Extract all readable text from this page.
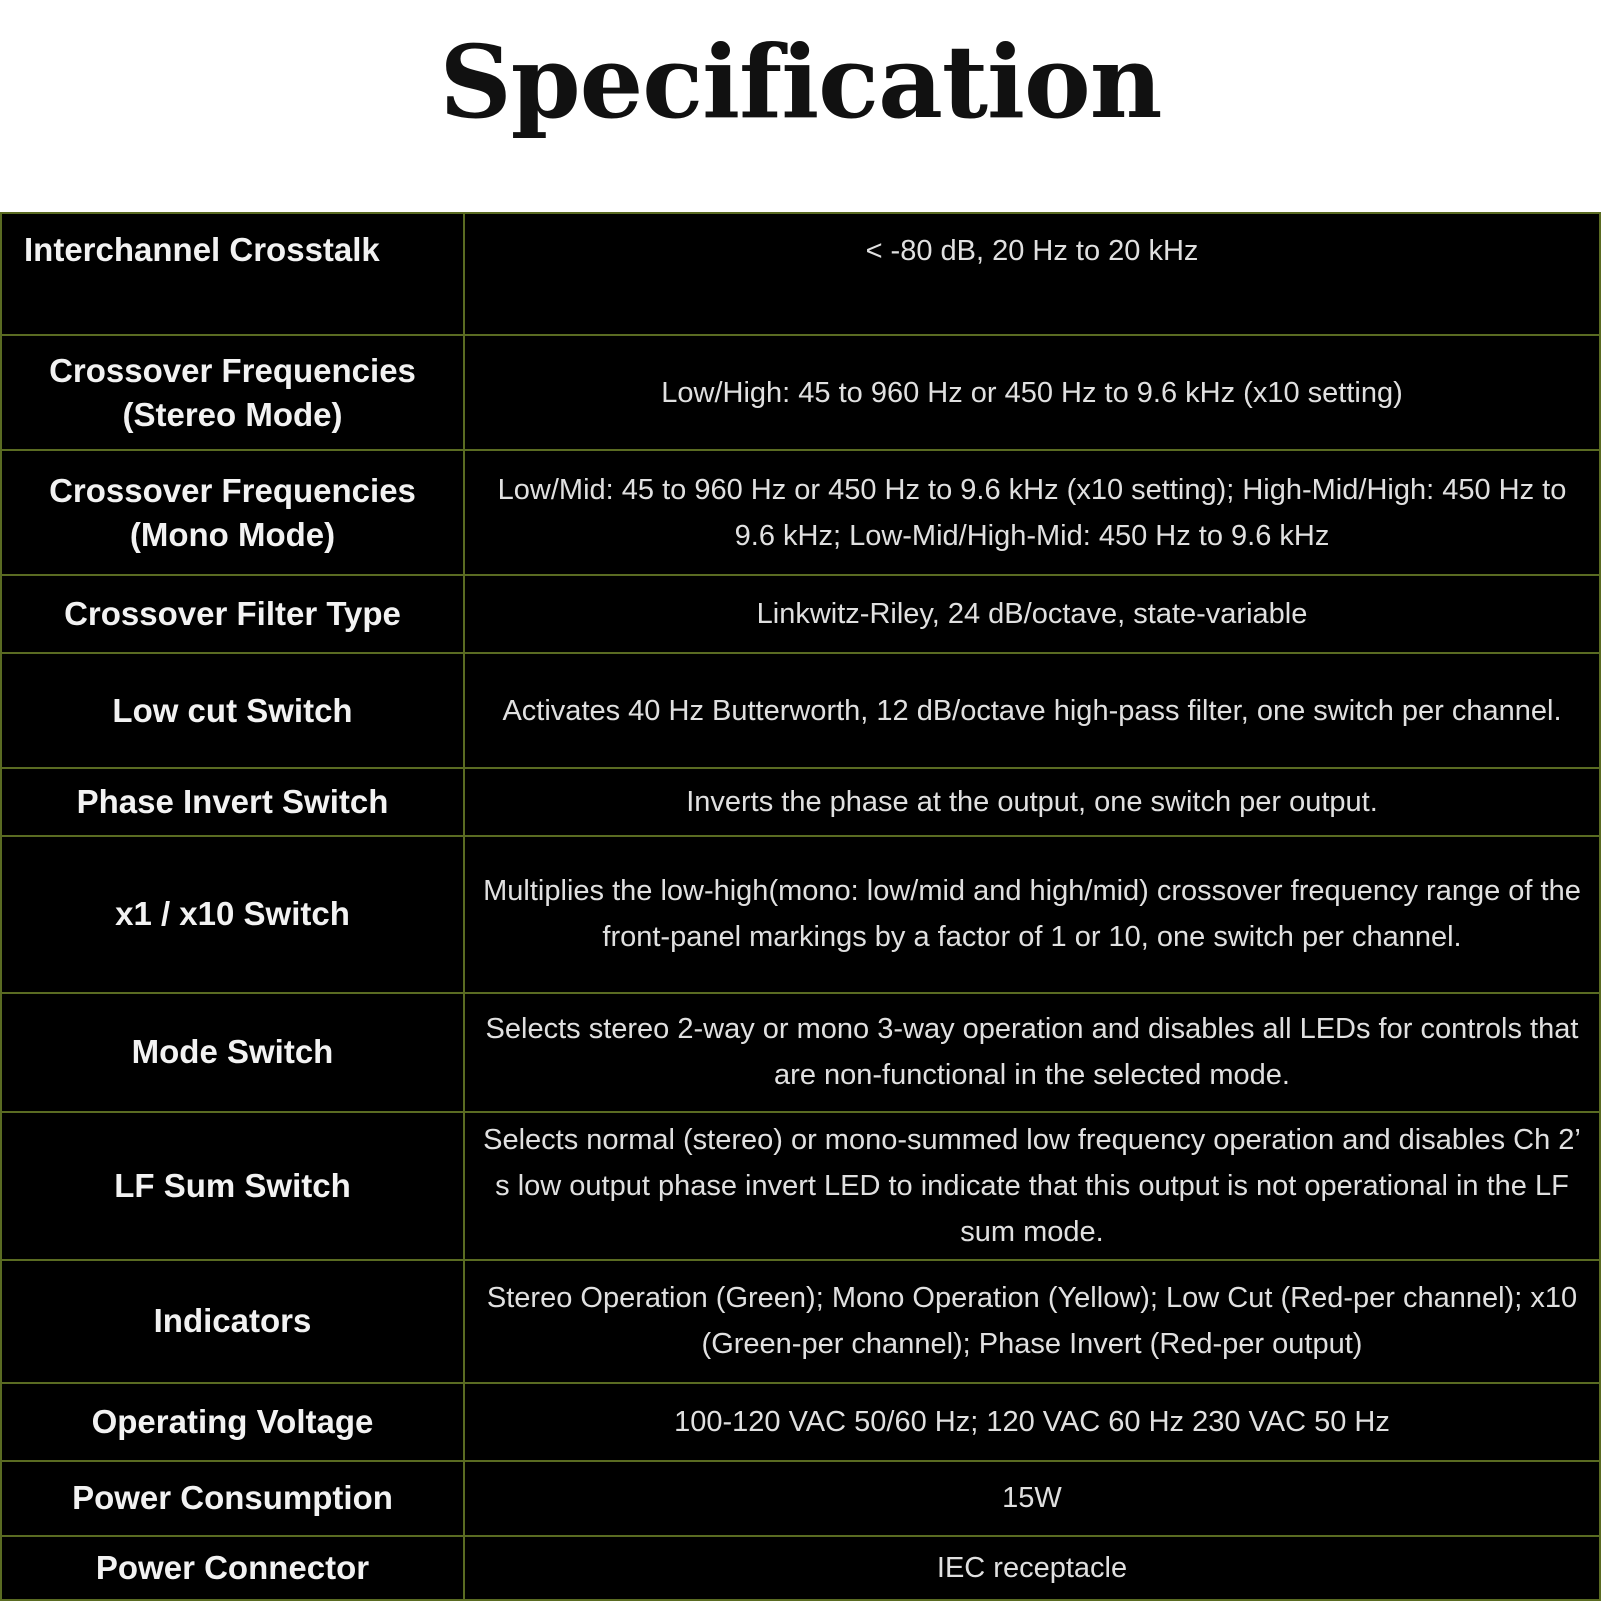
Specification
Interchannel Crosstalk	< -80 dB, 20 Hz to 20 kHz
Crossover Frequencies (Stereo Mode)	Low/High: 45 to 960 Hz or 450 Hz to 9.6 kHz (x10 setting)
Crossover Frequencies (Mono Mode)	Low/Mid: 45 to 960 Hz or 450 Hz to 9.6 kHz (x10 setting); High-Mid/High: 450 Hz to 9.6 kHz; Low-Mid/High-Mid: 450 Hz to 9.6 kHz
Crossover Filter Type	Linkwitz-Riley, 24 dB/octave, state-variable
Low cut Switch	Activates 40 Hz Butterworth, 12 dB/octave high-pass filter, one switch per channel.
Phase Invert Switch	Inverts the phase at the output, one switch per output.
x1 / x10 Switch	Multiplies the low-high(mono: low/mid and high/mid) crossover frequency range of the front-panel markings by a factor of 1 or 10, one switch per channel.
Mode Switch	Selects stereo 2-way or mono 3-way operation and disables all LEDs for controls that are non-functional in the selected mode.
LF Sum Switch	Selects normal (stereo) or mono-summed low frequency operation and disables Ch 2’ s low output phase invert LED to indicate that this output is not operational in the LF sum mode.
Indicators	Stereo Operation (Green); Mono Operation (Yellow); Low Cut (Red-per channel); x10 (Green-per channel); Phase Invert (Red-per output)
Operating Voltage	100-120 VAC 50/60 Hz; 120 VAC 60 Hz 230 VAC 50 Hz
Power Consumption	15W
Power Connector	IEC receptacle
